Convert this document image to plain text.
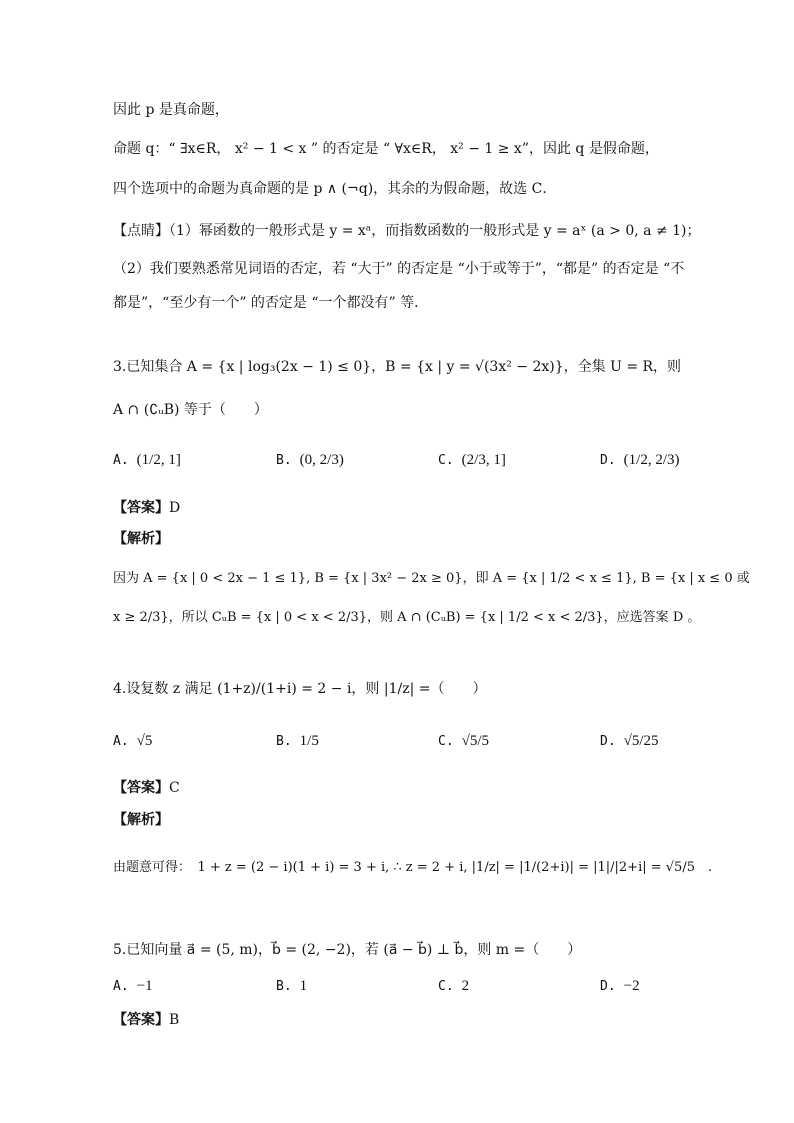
因此 p 是真命题，
命题 q：“ ∃x∈R， x² − 1 < x ” 的否定是 “ ∀x∈R， x² − 1 ≥ x”，因此 q 是假命题，
四个选项中的命题为真命题的是 p ∧ (¬q)，其余的为假命题，故选 C．
【点睛】（1）幂函数的一般形式是 y = xᵃ，而指数函数的一般形式是 y = aˣ (a > 0, a ≠ 1)；
（2）我们要熟悉常见词语的否定，若 “大于” 的否定是 “小于或等于”，“都是” 的否定是 “不
都是”，“至少有一个” 的否定是 “一个都没有” 等．
3.已知集合 A = {x | log₃(2x − 1) ≤ 0}，B = {x | y = √(3x² − 2x)}，全集 U = R，则
A ∩ (∁ᵤB) 等于（　　）
A. (1/2, 1]	B. (0, 2/3)	C. (2/3, 1]	D. (1/2, 2/3)
【答案】D
【解析】
因为 A = {x | 0 < 2x − 1 ≤ 1}, B = {x | 3x² − 2x ≥ 0}，即 A = {x | 1/2 < x ≤ 1}, B = {x | x ≤ 0 或
x ≥ 2/3}，所以 CᵤB = {x | 0 < x < 2/3}，则 A ∩ (CᵤB) = {x | 1/2 < x < 2/3}，应选答案 D 。
4.设复数 z 满足 (1+z)/(1+i) = 2 − i，则 |1/z| =（　　）
A. √5	B. 1/5	C. √5/5	D. √5/25
【答案】C
【解析】
由题意可得：　1 + z = (2 − i)(1 + i) = 3 + i, ∴ z = 2 + i, |1/z| = |1/(2+i)| = |1|/|2+i| = √5/5　.
5.已知向量 a⃗ = (5, m)，b⃗ = (2, −2)，若 (a⃗ − b⃗) ⊥ b⃗，则 m =（　　）
A. −1	B. 1	C. 2	D. −2
【答案】B
